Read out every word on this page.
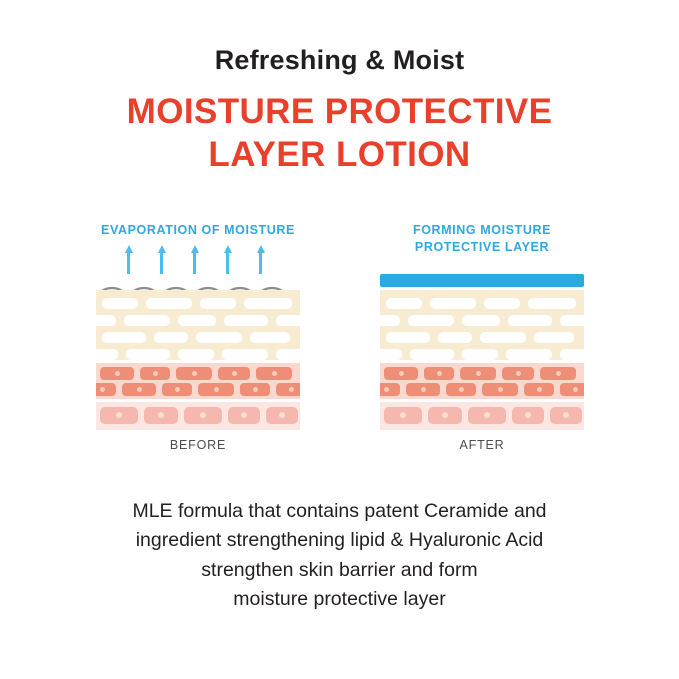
Refreshing & Moist
MOISTURE PROTECTIVE
LAYER LOTION
EVAPORATION OF MOISTURE
BEFORE
FORMING MOISTURE
PROTECTIVE LAYER
AFTER
MLE formula that contains patent Ceramide and
ingredient strengthening lipid & Hyaluronic Acid
strengthen skin barrier and form
moisture protective layer
